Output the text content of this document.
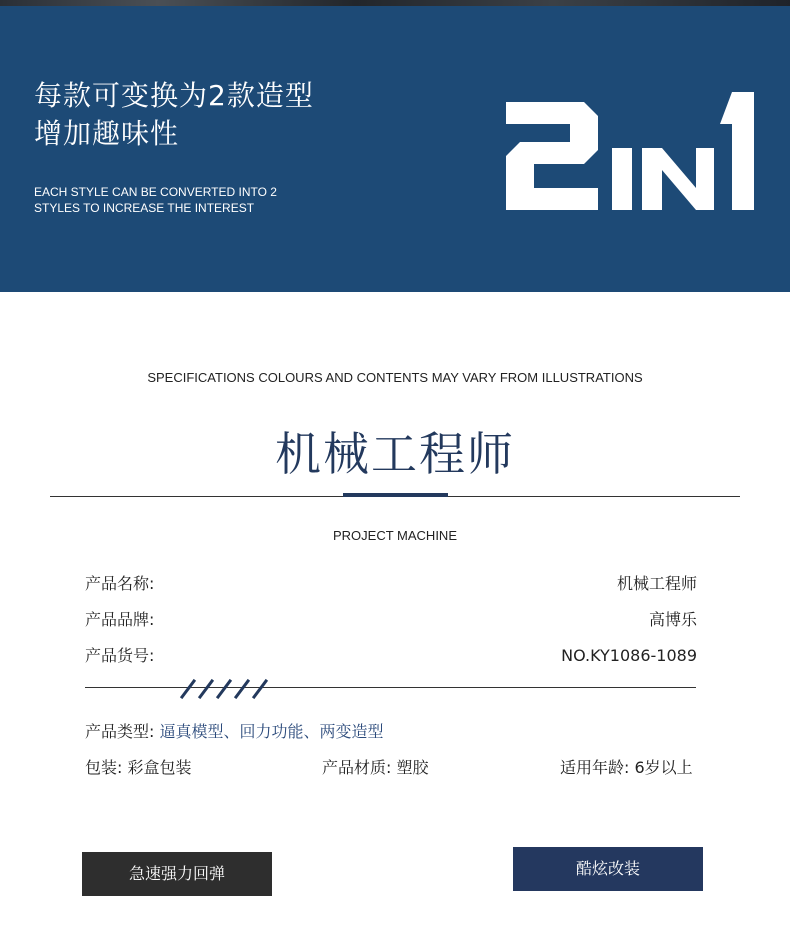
每款可变换为2款造型
增加趣味性
EACH STYLE CAN BE CONVERTED INTO 2
STYLES TO INCREASE THE INTEREST
SPECIFICATIONS COLOURS AND CONTENTS MAY VARY FROM ILLUSTRATIONS
机械工程师
PROJECT MACHINE
产品名称:	机械工程师
产品品牌:	高博乐
产品货号:	NO.KY1086-1089
产品类型: 逼真模型、回力功能、两变造型
包装: 彩盒包装	产品材质: 塑胶	适用年龄: 6岁以上
急速强力回弹	酷炫改装
